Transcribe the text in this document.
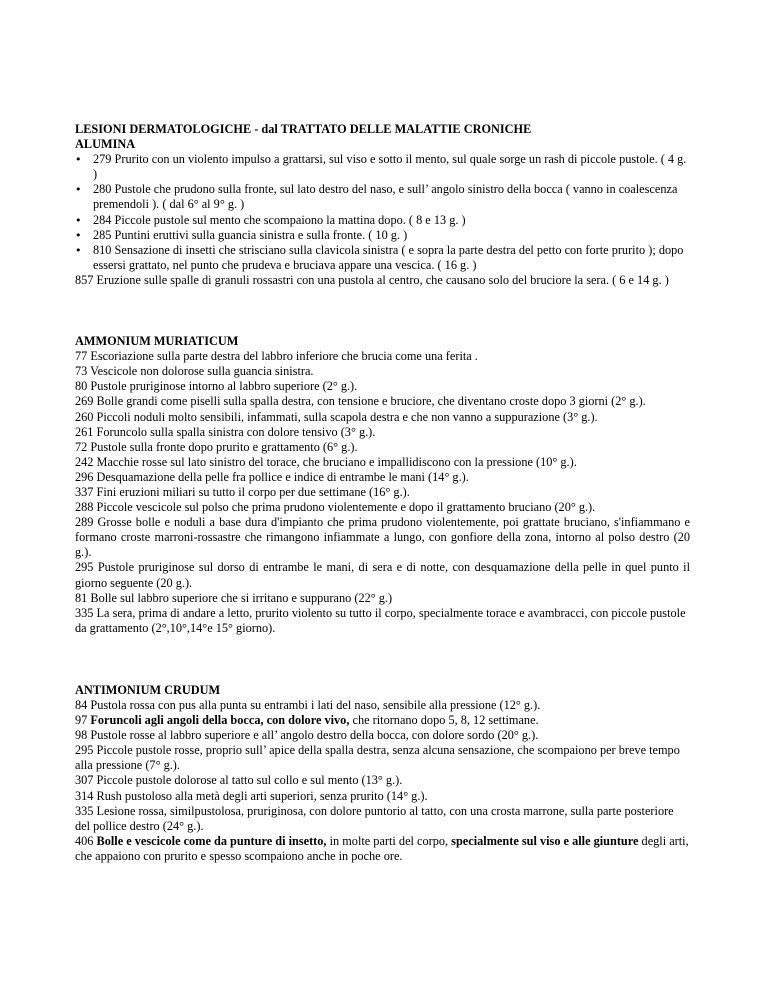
LESIONI DERMATOLOGICHE - dal TRATTATO DELLE MALATTIE CRONICHE

ALUMINA

• 279 Prurito con un violento impulso a grattarsi, sul viso e sotto il mento, sul quale sorge un rash di piccole pustole. ( 4 g. )
• 280 Pustole che prudono sulla fronte, sul lato destro del naso, e sull’ angolo sinistro della bocca ( vanno in coalescenza premendoli ). ( dal 6° al 9° g. )
• 284 Piccole pustole sul mento che scompaiono la mattina dopo. ( 8 e 13 g. )
• 285 Puntini eruttivi sulla guancia sinistra e sulla fronte. ( 10 g. )
• 810 Sensazione di insetti che strisciano sulla clavicola sinistra ( e sopra la parte destra del petto con forte prurito ); dopo essersi grattato, nel punto che prudeva e bruciava appare una vescica. ( 16 g. )

857 Eruzione sulle spalle di granuli rossastri con una pustola al centro, che causano solo del bruciore la sera. ( 6 e 14 g. )

AMMONIUM MURIATICUM

77 Escoriazione sulla parte destra del labbro inferiore che brucia come una ferita .

73 Vescicole non dolorose sulla guancia sinistra.

80 Pustole pruriginose intorno al labbro superiore (2° g.).

269 Bolle grandi come piselli sulla spalla destra, con tensione e bruciore, che diventano croste dopo 3 giorni (2° g.).

260 Piccoli noduli molto sensibili, infammati, sulla scapola destra e che non vanno a suppurazione (3° g.).

261 Foruncolo sulla spalla sinistra con dolore tensivo (3° g.).

72 Pustole sulla fronte dopo prurito e grattamento (6° g.).

242 Macchie rosse sul lato sinistro del torace, che bruciano e impallidiscono con la pressione (10° g.).

296 Desquamazione della pelle fra pollice e indice di entrambe le mani (14° g.).

337 Fini eruzioni miliari su tutto il corpo per due settimane (16° g.).

288 Piccole vescicole sul polso che prima prudono violentemente e dopo il grattamento bruciano (20° g.).

289 Grosse bolle e noduli a base dura d'impianto che prima prudono violentemente, poi grattate bruciano, s'infiammano e formano croste marroni-rossastre che rimangono infiammate a lungo, con gonfiore della zona, intorno al polso destro (20 g.).

295 Pustole pruriginose sul dorso di entrambe le mani, di sera e di notte, con desquamazione della pelle in quel punto il giorno seguente (20 g.).

81 Bolle sul labbro superiore che si irritano e suppurano (22° g.)

335 La sera, prima di andare a letto, prurito violento su tutto il corpo, specialmente torace e avambracci, con piccole pustole da grattamento (2°,10°,14°e 15° giorno).

ANTIMONIUM CRUDUM

84 Pustola rossa con pus alla punta su entrambi i lati del naso, sensibile alla pressione (12° g.).

97 Foruncoli agli angoli della bocca, con dolore vivo, che ritornano dopo 5, 8, 12 settimane.

98 Pustole rosse al labbro superiore e all’ angolo destro della bocca, con dolore sordo (20° g.).

295 Piccole pustole rosse, proprio sull’ apice della spalla destra, senza alcuna sensazione, che scompaiono per breve tempo alla pressione (7° g.).

307 Piccole pustole dolorose al tatto sul collo e sul mento (13° g.).

314 Rush pustoloso alla metà degli arti superiori, senza prurito (14° g.).

335 Lesione rossa, similpustolosa, pruriginosa, con dolore puntorio al tatto, con una crosta marrone, sulla parte posteriore del pollice destro (24° g.).

406 Bolle e vescicole come da punture di insetto, in molte parti del corpo, specialmente sul viso e alle giunture degli arti, che appaiono con prurito e spesso scompaiono anche in poche ore.
